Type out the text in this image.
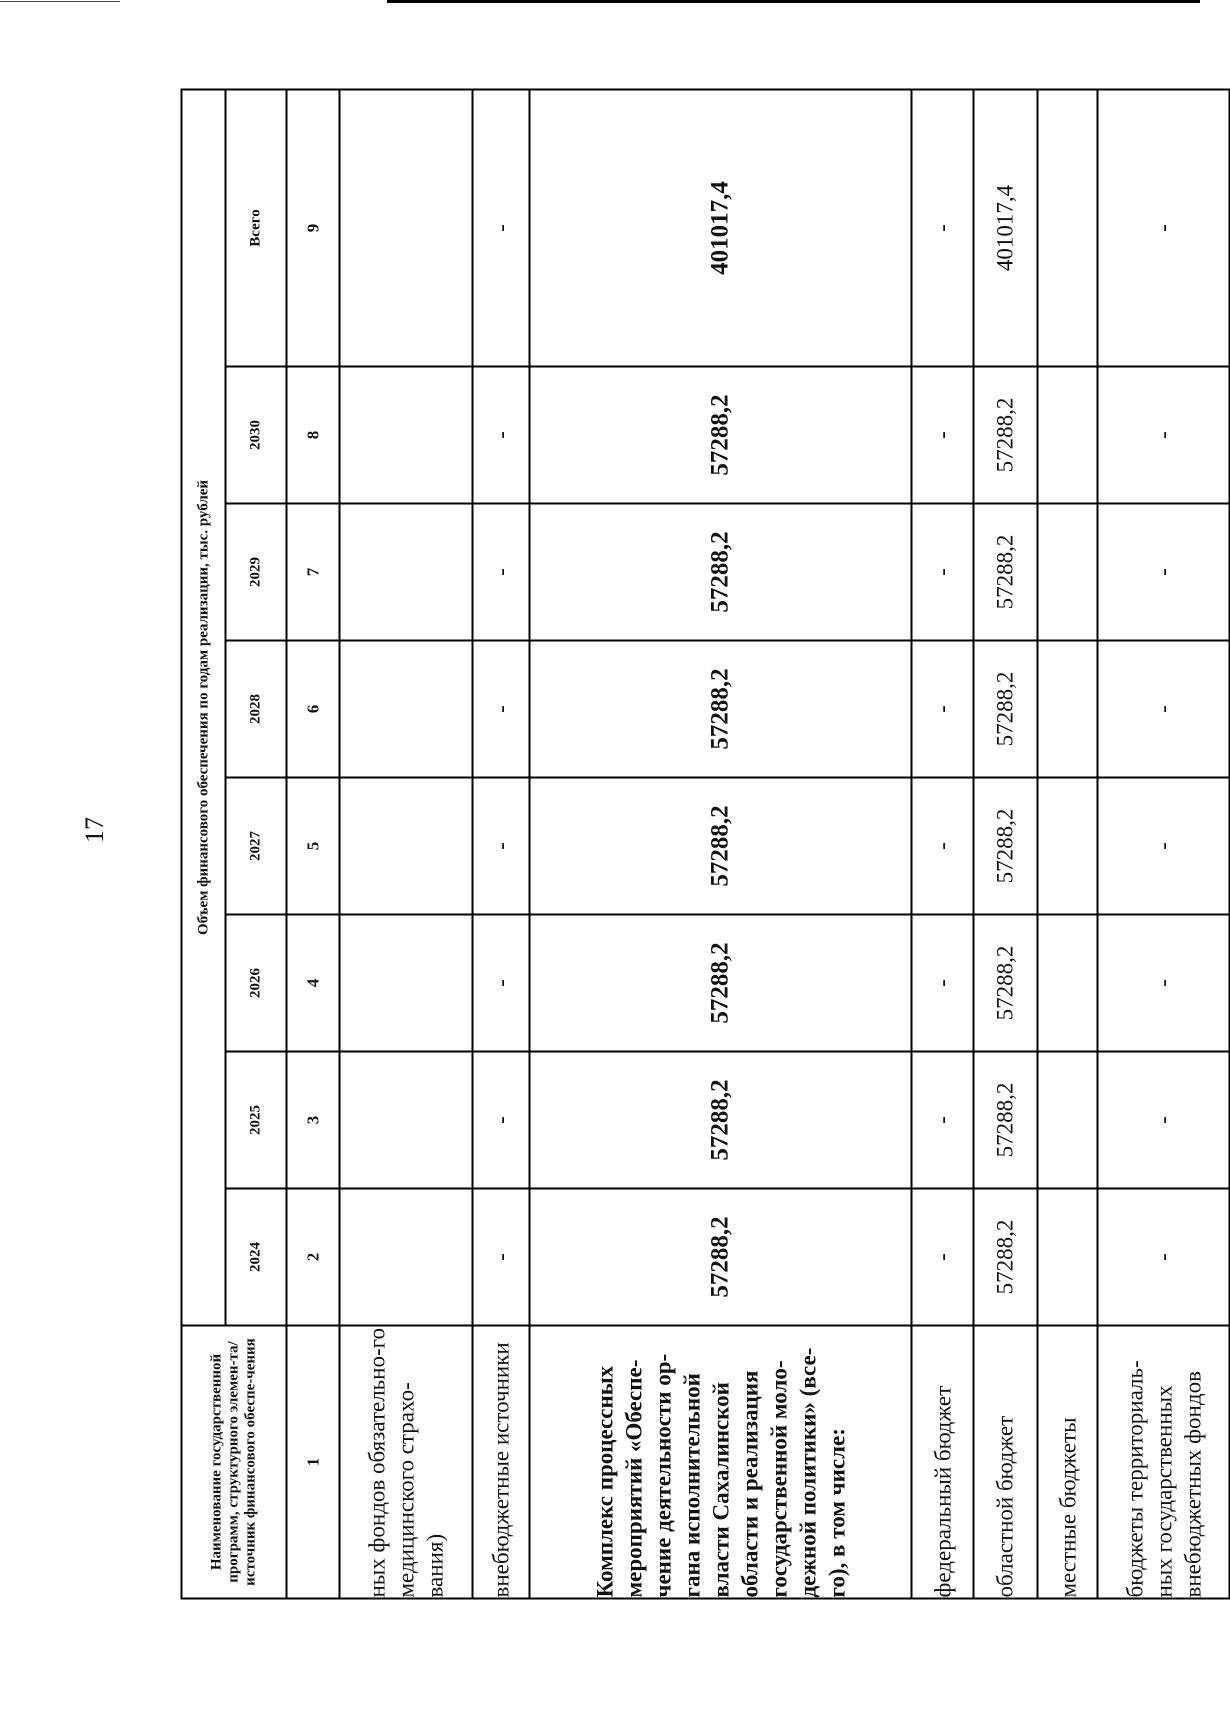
17
Наименование государственной программ, структурного элемен-та/источник финансового обеспе-чения	Объем финансового обеспечения по годам реализации, тыс. рублей							
	2024	2025	2026	2027	2028	2029	2030	Всего
1	2	3	4	5	6	7	8	9
ных фондов обязательно-го медицинского страхо-вания)								
внебюджетные источники	-	-	-	-	-	-	-	-
Комплекс процессных мероприятий «Обеспе-чение деятельности ор-гана исполнительной власти Сахалинской области и реализация государственной моло-дежной политики» (все-го), в том числе:	57288,2	57288,2	57288,2	57288,2	57288,2	57288,2	57288,2	401017,4
федеральный бюджет	-	-	-	-	-	-	-	-
областной бюджет	57288,2	57288,2	57288,2	57288,2	57288,2	57288,2	57288,2	401017,4
местные бюджеты								
бюджеты территориаль-ных государственных внебюджетных фондов	-	-	-	-	-	-	-	-
